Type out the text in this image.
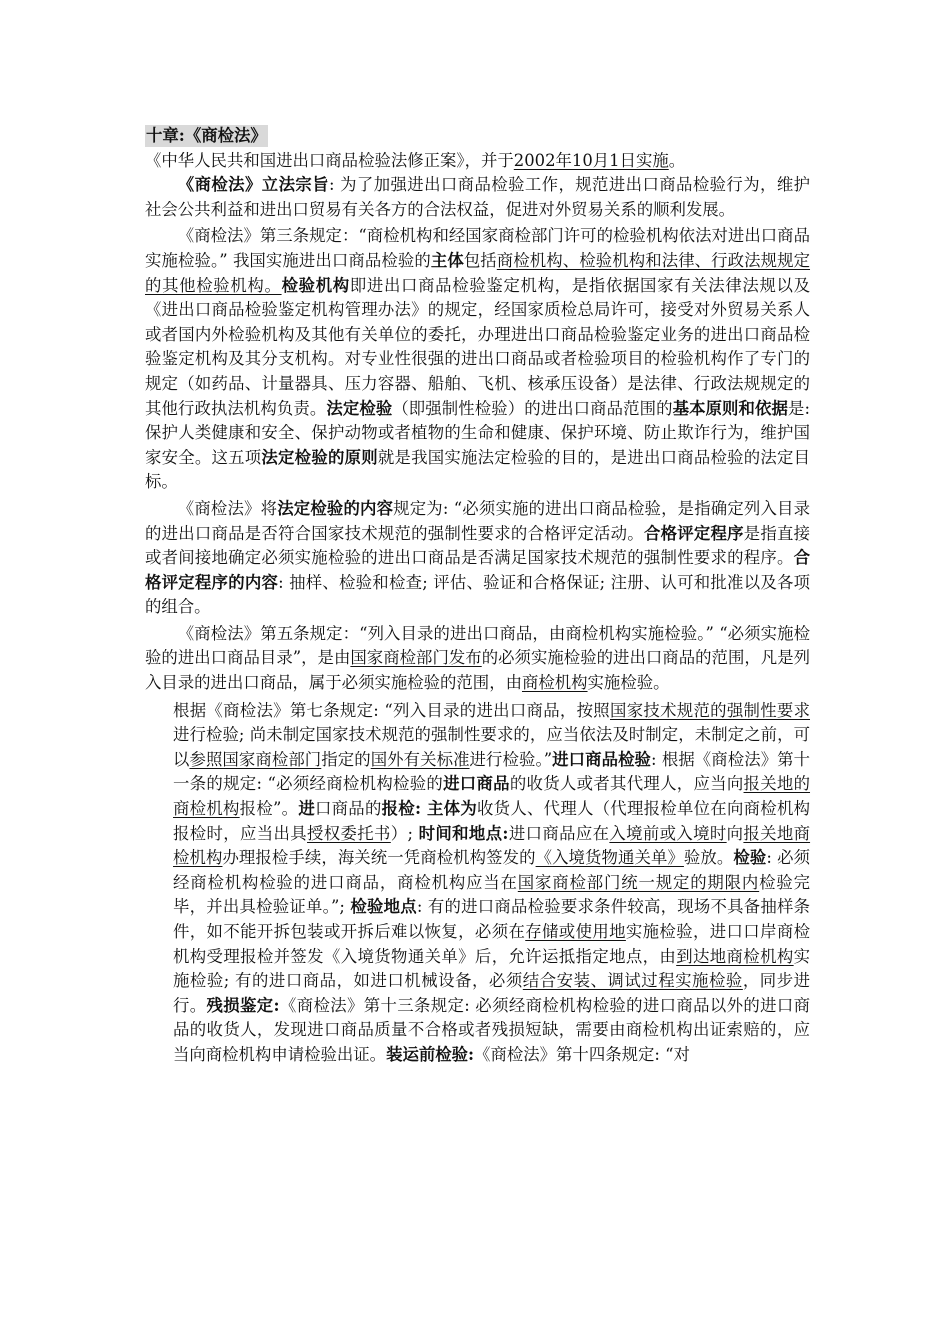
十章:《商检法》

《中华人民共和国进出口商品检验法修正案》，并于2002年10月1日实施。

《商检法》立法宗旨: 为了加强进出口商品检验工作，规范进出口商品检验行为，维护社会公共利益和进出口贸易有关各方的合法权益，促进对外贸易关系的顺利发展。

《商检法》第三条规定：“商检机构和经国家商检部门许可的检验机构依法对进出口商品实施检验。” 我国实施进出口商品检验的主体包括商检机构、检验机构和法律、行政法规规定的其他检验机构。检验机构即进出口商品检验鉴定机构，是指依据国家有关法律法规以及《进出口商品检验鉴定机构管理办法》的规定，经国家质检总局许可，接受对外贸易关系人或者国内外检验机构及其他有关单位的委托，办理进出口商品检验鉴定业务的进出口商品检验鉴定机构及其分支机构。对专业性很强的进出口商品或者检验项目的检验机构作了专门的规定（如药品、计量器具、压力容器、船舶、飞机、核承压设备）是法律、行政法规规定的其他行政执法机构负责。法定检验（即强制性检验）的进出口商品范围的基本原则和依据是: 保护人类健康和安全、保护动物或者植物的生命和健康、保护环境、防止欺诈行为，维护国家安全。这五项法定检验的原则就是我国实施法定检验的目的，是进出口商品检验的法定目标。

《商检法》将法定检验的内容规定为: “必须实施的进出口商品检验，是指确定列入目录的进出口商品是否符合国家技术规范的强制性要求的合格评定活动。合格评定程序是指直接或者间接地确定必须实施检验的进出口商品是否满足国家技术规范的强制性要求的程序。合格评定程序的内容: 抽样、检验和检查; 评估、验证和合格保证; 注册、认可和批准以及各项的组合。

《商检法》第五条规定：“列入目录的进出口商品，由商检机构实施检验。” “必须实施检验的进出口商品目录”，是由国家商检部门发布的必须实施检验的进出口商品的范围，凡是列入目录的进出口商品，属于必须实施检验的范围，由商检机构实施检验。

根据《商检法》第七条规定: “列入目录的进出口商品，按照国家技术规范的强制性要求进行检验; 尚未制定国家技术规范的强制性要求的，应当依法及时制定，未制定之前，可以参照国家商检部门指定的国外有关标准进行检验。”进口商品检验: 根据《商检法》第十一条的规定: “必须经商检机构检验的进口商品的收货人或者其代理人，应当向报关地的商检机构报检”。进口商品的报检: 主体为收货人、代理人（代理报检单位在向商检机构报检时，应当出具授权委托书）; 时间和地点:进口商品应在入境前或入境时向报关地商检机构办理报检手续，海关统一凭商检机构签发的《入境货物通关单》验放。检验: 必须经商检机构检验的进口商品，商检机构应当在国家商检部门统一规定的期限内检验完毕，并出具检验证单。”; 检验地点: 有的进口商品检验要求条件较高，现场不具备抽样条件，如不能开拆包装或开拆后难以恢复，必须在存储或使用地实施检验，进口口岸商检机构受理报检并签发《入境货物通关单》后，允许运抵指定地点，由到达地商检机构实施检验; 有的进口商品，如进口机械设备，必须结合安装、调试过程实施检验，同步进行。残损鉴定:《商检法》第十三条规定: 必须经商检机构检验的进口商品以外的进口商品的收货人，发现进口商品质量不合格或者残损短缺，需要由商检机构出证索赔的，应当向商检机构申请检验出证。装运前检验:《商检法》第十四条规定: “对
